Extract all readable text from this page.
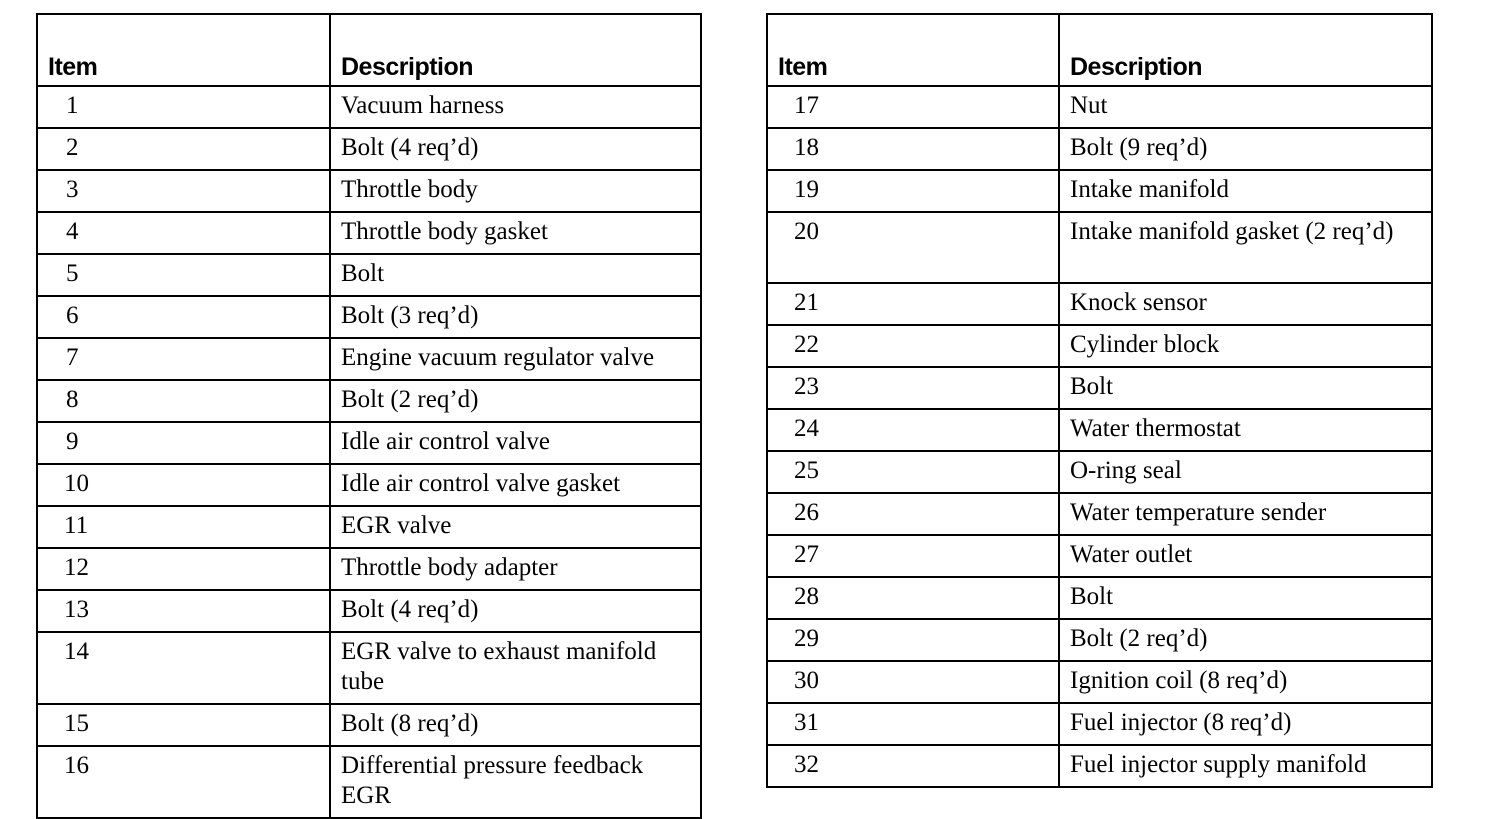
Item	Description
1	Vacuum harness
2	Bolt (4 req’d)
3	Throttle body
4	Throttle body gasket
5	Bolt
6	Bolt (3 req’d)
7	Engine vacuum regulator valve
8	Bolt (2 req’d)
9	Idle air control valve
10	Idle air control valve gasket
11	EGR valve
12	Throttle body adapter
13	Bolt (4 req’d)
14	EGR valve to exhaust manifold tube
15	Bolt (8 req’d)
16	Differential pressure feedback EGR
Item	Description
17	Nut
18	Bolt (9 req’d)
19	Intake manifold
20	Intake manifold gasket (2 req’d)
21	Knock sensor
22	Cylinder block
23	Bolt
24	Water thermostat
25	O-ring seal
26	Water temperature sender
27	Water outlet
28	Bolt
29	Bolt (2 req’d)
30	Ignition coil (8 req’d)
31	Fuel injector (8 req’d)
32	Fuel injector supply manifold
